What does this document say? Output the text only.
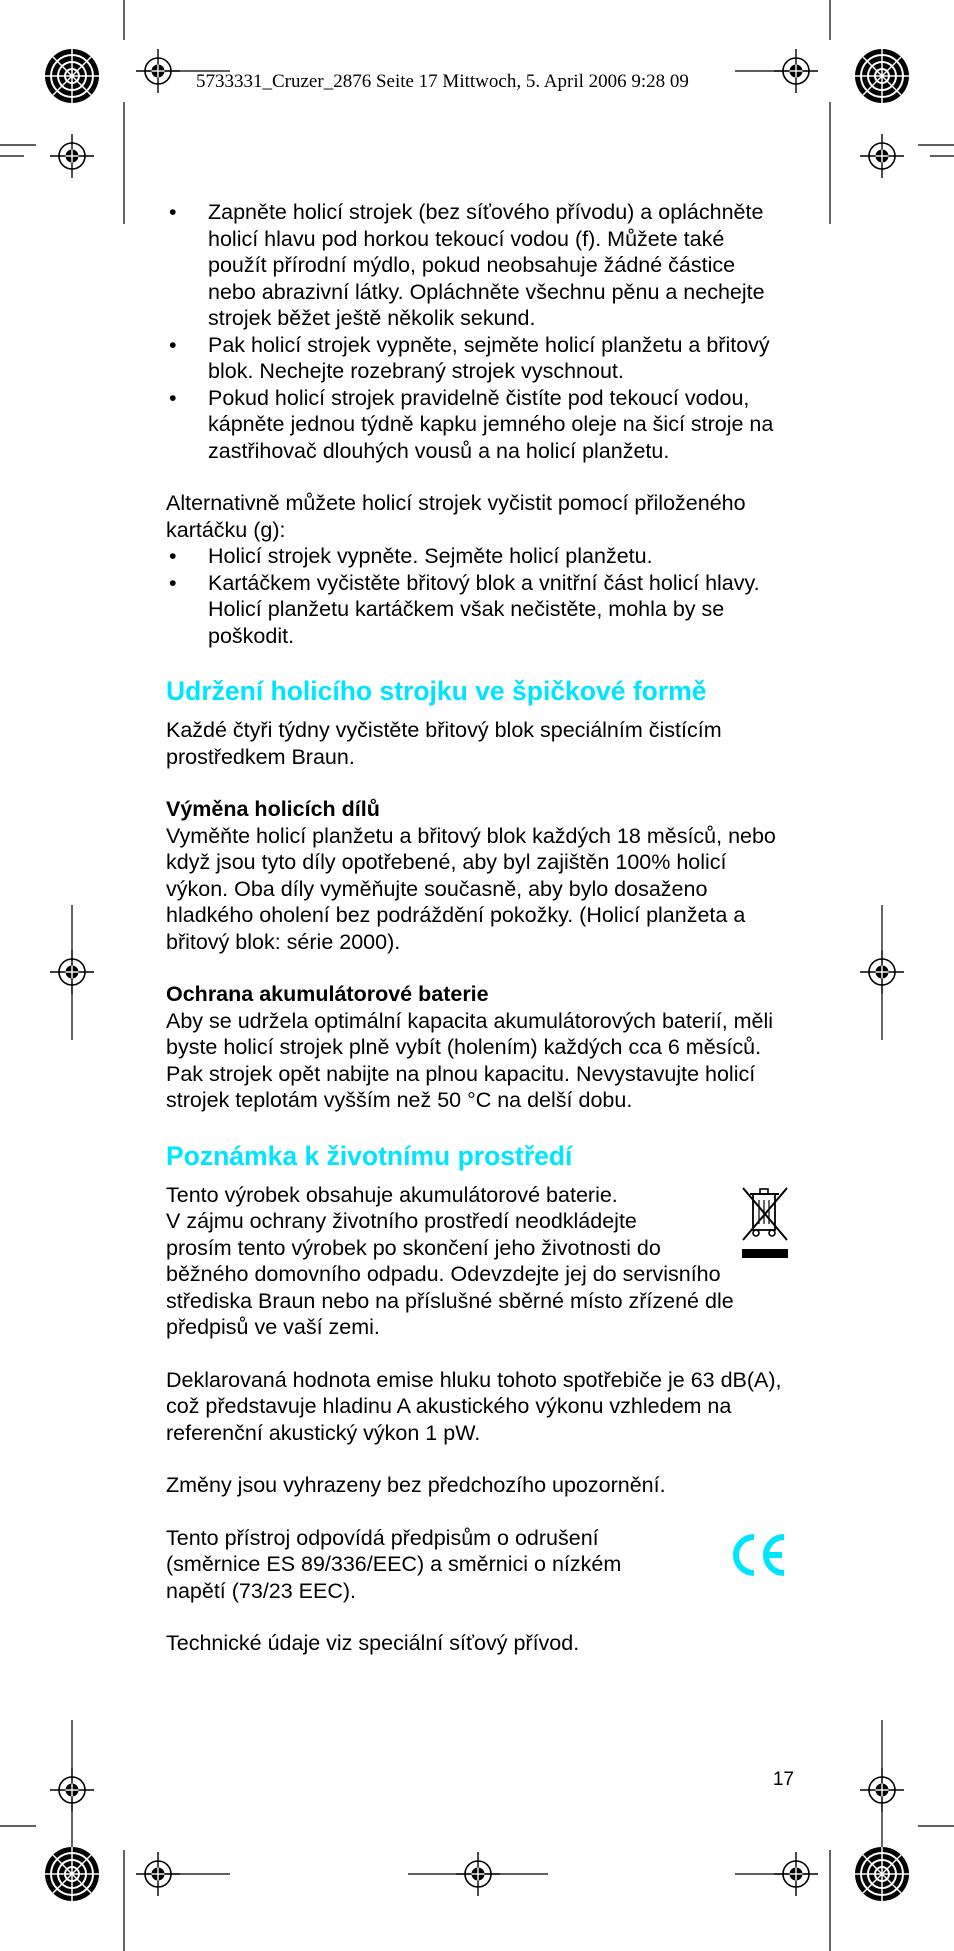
5733331_Cruzer_2876 Seite 17 Mittwoch, 5. April 2006 9:28 09
• Zapněte holicí strojek (bez síťového přívodu) a opláchněte holicí hlavu pod horkou tekoucí vodou (f). Můžete také použít přírodní mýdlo, pokud neobsahuje žádné částice nebo abrazivní látky. Opláchněte všechnu pěnu a nechejte strojek běžet ještě několik sekund.
• Pak holicí strojek vypněte, sejměte holicí planžetu a břitový blok. Nechejte rozebraný strojek vyschnout.
• Pokud holicí strojek pravidelně čistíte pod tekoucí vodou, kápněte jednou týdně kapku jemného oleje na šicí stroje na zastřihovač dlouhých vousů a na holicí planžetu.

Alternativně můžete holicí strojek vyčistit pomocí přiloženého kartáčku (g):

• Holicí strojek vypněte. Sejměte holicí planžetu.
• Kartáčkem vyčistěte břitový blok a vnitřní část holicí hlavy. Holicí planžetu kartáčkem však nečistěte, mohla by se poškodit.

Udržení holicího strojku ve špičkové formě

Každé čtyři týdny vyčistěte břitový blok speciálním čistícím prostředkem Braun.

Výměna holicích dílů

Vyměňte holicí planžetu a břitový blok každých 18 měsíců, nebo když jsou tyto díly opotřebené, aby byl zajištěn 100% holicí výkon. Oba díly vyměňujte současně, aby bylo dosaženo hladkého oholení bez podráždění pokožky. (Holicí planžeta a břitový blok: série 2000).

Ochrana akumulátorové baterie

Aby se udržela optimální kapacita akumulátorových baterií, měli byste holicí strojek plně vybít (holením) každých cca 6 měsíců. Pak strojek opět nabijte na plnou kapacitu. Nevystavujte holicí strojek teplotám vyšším než 50 °C na delší dobu.

Poznámka k životnímu prostředí

Tento výrobek obsahuje akumulátorové baterie.

V zájmu ochrany životního prostředí neodkládejte

prosím tento výrobek po skončení jeho životnosti do

běžného domovního odpadu. Odevzdejte jej do servisního střediska Braun nebo na příslušné sběrné místo zřízené dle předpisů ve vaší zemi.

Deklarovaná hodnota emise hluku tohoto spotřebiče je 63 dB(A), což představuje hladinu A akustického výkonu vzhledem na referenční akustický výkon 1 pW.

Změny jsou vyhrazeny bez předchozího upozornění.

Tento přístroj odpovídá předpisům o odrušení

(směrnice ES 89/336/EEC) a směrnici o nízkém

napětí (73/23 EEC).

Technické údaje viz speciální síťový přívod.

17
